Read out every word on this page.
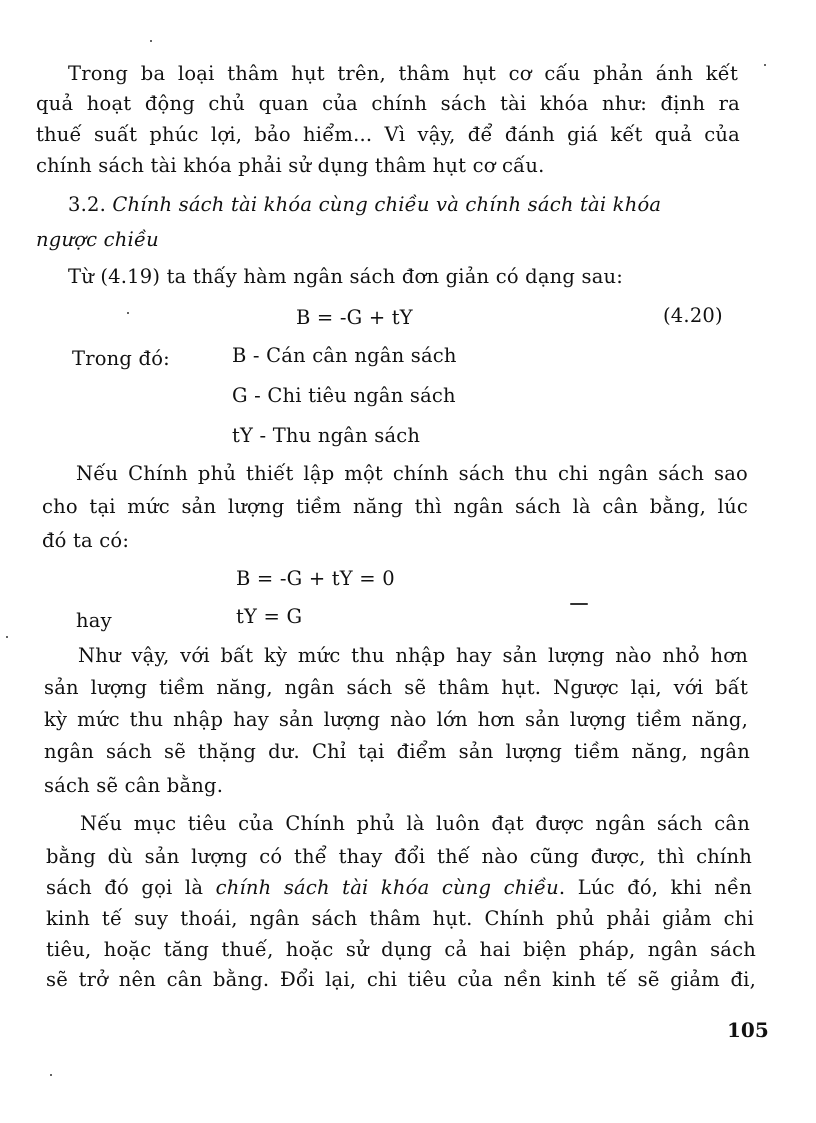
Trong ba loại thâm hụt trên, thâm hụt cơ cấu phản ánh kết
quả hoạt động chủ quan của chính sách tài khóa như: định ra
thuế suất phúc lợi, bảo hiểm... Vì vậy, để đánh giá kết quả của
chính sách tài khóa phải sử dụng thâm hụt cơ cấu.
3.2. Chính sách tài khóa cùng chiều và chính sách tài khóa
ngược chiều
Từ (4.19) ta thấy hàm ngân sách đơn giản có dạng sau:
B = -G + tY	(4.20)
Trong đó:	B - Cán cân ngân sách
G - Chi tiêu ngân sách
tY - Thu ngân sách
Nếu Chính phủ thiết lập một chính sách thu chi ngân sách sao
cho tại mức sản lượng tiềm năng thì ngân sách là cân bằng, lúc
đó ta có:
B = -G + tY = 0
hay	tY = G
Như vậy, với bất kỳ mức thu nhập hay sản lượng nào nhỏ hơn
sản lượng tiềm năng, ngân sách sẽ thâm hụt. Ngược lại, với bất
kỳ mức thu nhập hay sản lượng nào lớn hơn sản lượng tiềm năng,
ngân sách sẽ thặng dư. Chỉ tại điểm sản lượng tiềm năng, ngân
sách sẽ cân bằng.
Nếu mục tiêu của Chính phủ là luôn đạt được ngân sách cân
bằng dù sản lượng có thể thay đổi thế nào cũng được, thì chính
sách đó gọi là chính sách tài khóa cùng chiều. Lúc đó, khi nền
kinh tế suy thoái, ngân sách thâm hụt. Chính phủ phải giảm chi
tiêu, hoặc tăng thuế, hoặc sử dụng cả hai biện pháp, ngân sách
sẽ trở nên cân bằng. Đổi lại, chi tiêu của nền kinh tế sẽ giảm đi,
105
